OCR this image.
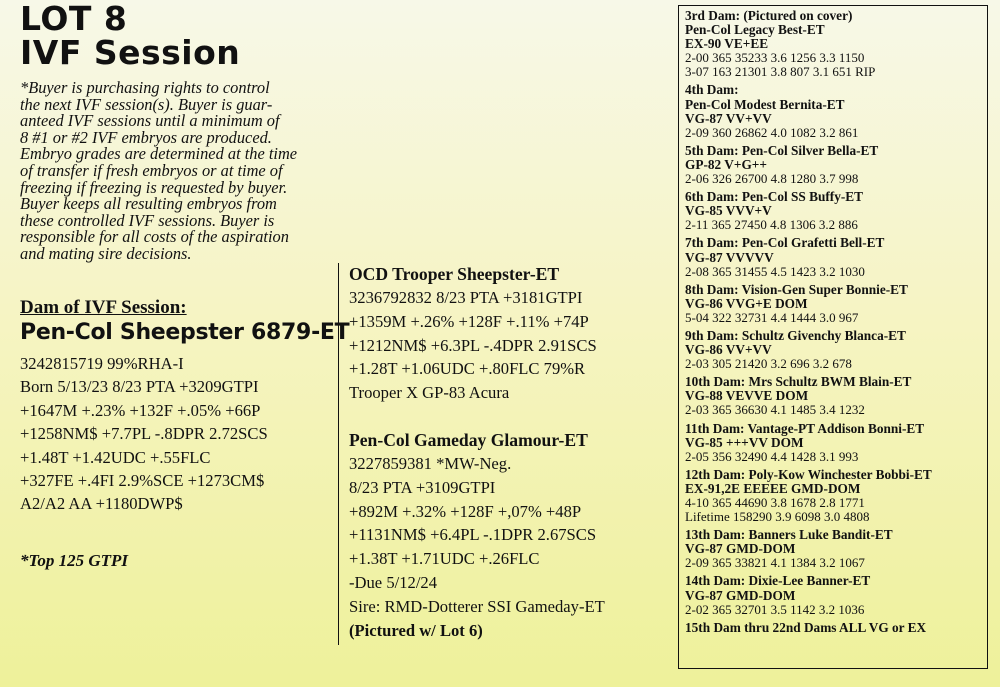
LOT 8
IVF Session
*Buyer is purchasing rights to control
the next IVF session(s). Buyer is guar-
anteed IVF sessions until a minimum of
8 #1 or #2 IVF embryos are produced.
Embryo grades are determined at the time
of transfer if fresh embryos or at time of
freezing if freezing is requested by buyer.
Buyer keeps all resulting embryos from
these controlled IVF sessions. Buyer is
responsible for all costs of the aspiration
and mating sire decisions.
Dam of IVF Session:
Pen-Col Sheepster 6879-ET
3242815719 99%RHA-I
Born 5/13/23 8/23 PTA +3209GTPI
+1647M +.23% +132F +.05% +66P
+1258NM$ +7.7PL -.8DPR 2.72SCS
+1.48T +1.42UDC +.55FLC
+327FE +.4FI 2.9%SCE +1273CM$
A2/A2 AA +1180DWP$
*Top 125 GTPI
OCD Trooper Sheepster-ET
3236792832 8/23 PTA +3181GTPI
+1359M +.26% +128F +.11% +74P
+1212NM$ +6.3PL -.4DPR 2.91SCS
+1.28T +1.06UDC +.80FLC 79%R
Trooper X GP-83 Acura
Pen-Col Gameday Glamour-ET
3227859381 *MW-Neg.
8/23 PTA +3109GTPI
+892M +.32% +128F +,07% +48P
+1131NM$ +6.4PL -.1DPR 2.67SCS
+1.38T +1.71UDC +.26FLC
-Due 5/12/24
Sire: RMD-Dotterer SSI Gameday-ET
(Pictured w/ Lot 6)
3rd Dam: (Pictured on cover)
Pen-Col Legacy Best-ET
EX-90 VE+EE
2-00 365 35233 3.6 1256 3.3 1150
3-07 163 21301 3.8 807 3.1 651 RIP
4th Dam:
Pen-Col Modest Bernita-ET
VG-87 VV+VV
2-09 360 26862 4.0 1082 3.2 861
5th Dam: Pen-Col Silver Bella-ET
GP-82 V+G++
2-06 326 26700 4.8 1280 3.7 998
6th Dam: Pen-Col SS Buffy-ET
VG-85 VVV+V
2-11 365 27450 4.8 1306 3.2 886
7th Dam: Pen-Col Grafetti Bell-ET
VG-87 VVVVV
2-08 365 31455 4.5 1423 3.2 1030
8th Dam: Vision-Gen Super Bonnie-ET
VG-86 VVG+E DOM
5-04 322 32731 4.4 1444 3.0 967
9th Dam: Schultz Givenchy Blanca-ET
VG-86 VV+VV
2-03 305 21420 3.2 696 3.2 678
10th Dam: Mrs Schultz BWM Blain-ET
VG-88 VEVVE DOM
2-03 365 36630 4.1 1485 3.4 1232
11th Dam: Vantage-PT Addison Bonni-ET
VG-85 +++VV DOM
2-05 356 32490 4.4 1428 3.1 993
12th Dam: Poly-Kow Winchester Bobbi-ET
EX-91,2E EEEEE GMD-DOM
4-10 365 44690 3.8 1678 2.8 1771
Lifetime 158290 3.9 6098 3.0 4808
13th Dam: Banners Luke Bandit-ET
VG-87 GMD-DOM
2-09 365 33821 4.1 1384 3.2 1067
14th Dam: Dixie-Lee Banner-ET
VG-87 GMD-DOM
2-02 365 32701 3.5 1142 3.2 1036
15th Dam thru 22nd Dams ALL VG or EX
